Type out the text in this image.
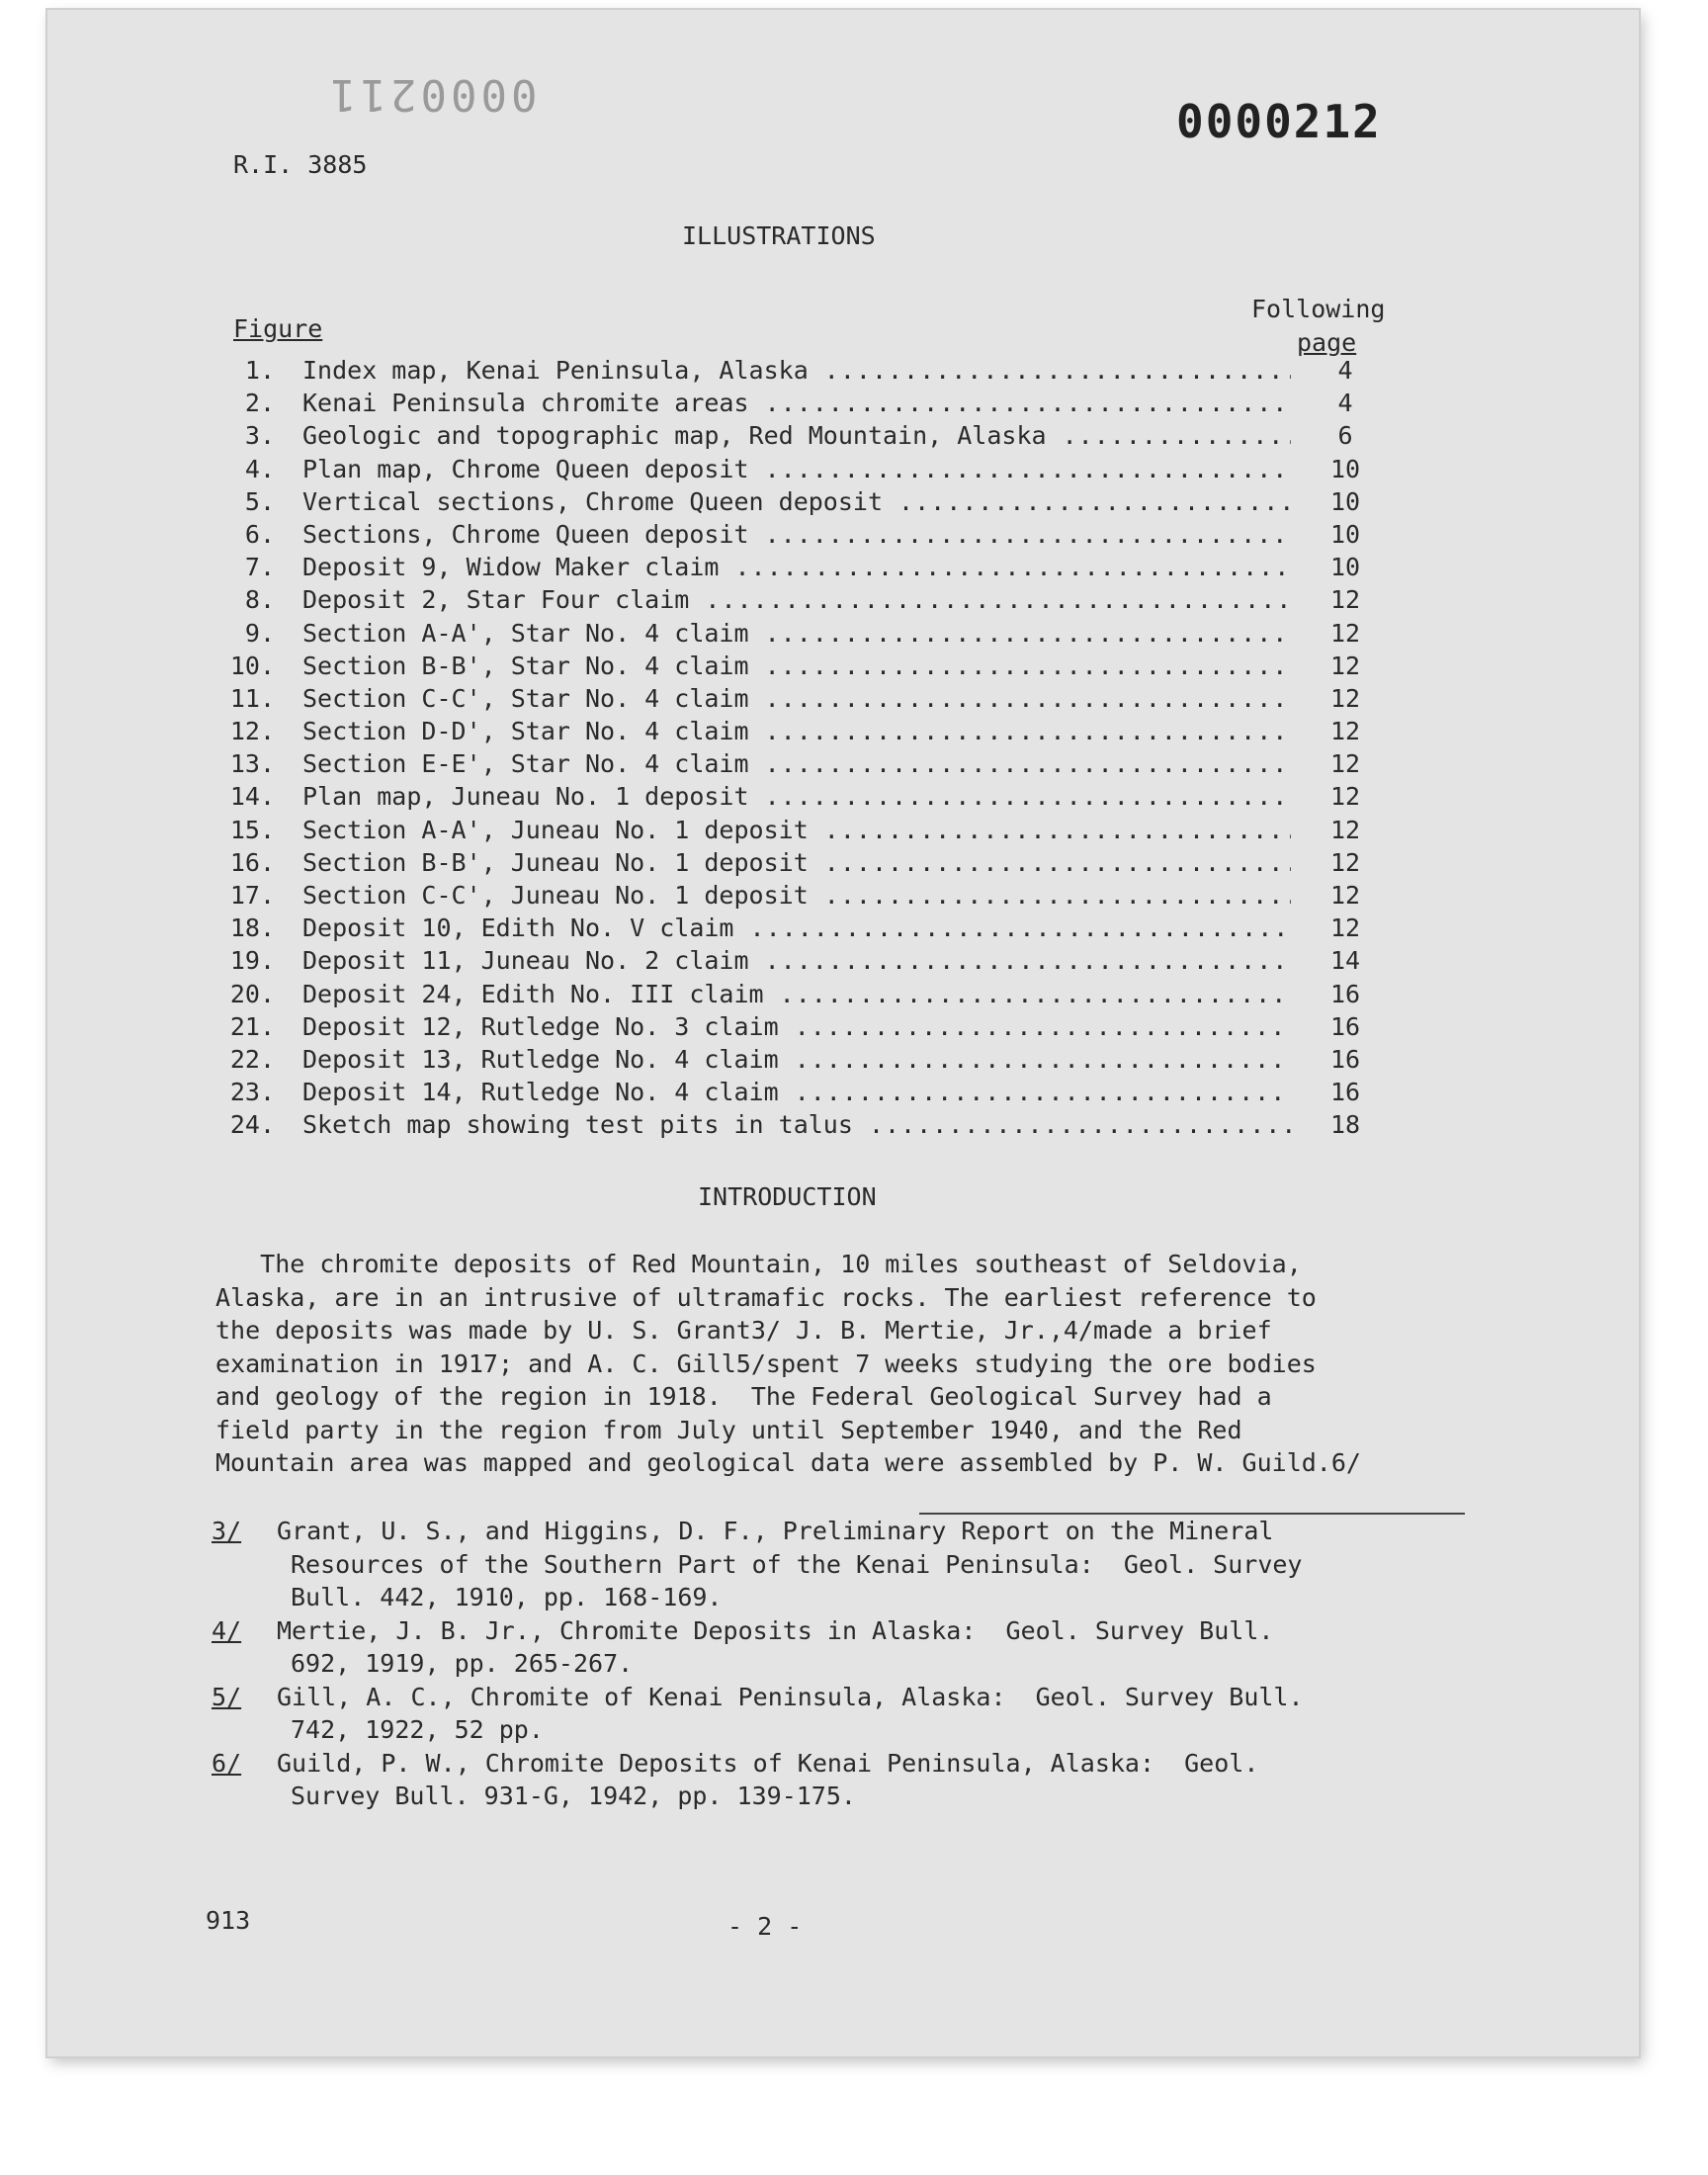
0000211
0000212
R.I. 3885
ILLUSTRATIONS
Figure
Following
page
1. Index map, Kenai Peninsula, Alaska .....	4
2. Kenai Peninsula chromite areas .....	4
3. Geologic and topographic map, Red Mountain, Alaska .....	6
4. Plan map, Chrome Queen deposit .....	10
5. Vertical sections, Chrome Queen deposit .....	10
6. Sections, Chrome Queen deposit .....	10
7. Deposit 9, Widow Maker claim .....	10
8. Deposit 2, Star Four claim .....	12
9. Section A-A', Star No. 4 claim .....	12
10. Section B-B', Star No. 4 claim .....	12
11. Section C-C', Star No. 4 claim .....	12
12. Section D-D', Star No. 4 claim .....	12
13. Section E-E', Star No. 4 claim .....	12
14. Plan map, Juneau No. 1 deposit .....	12
15. Section A-A', Juneau No. 1 deposit .....	12
16. Section B-B', Juneau No. 1 deposit .....	12
17. Section C-C', Juneau No. 1 deposit .....	12
18. Deposit 10, Edith No. V claim .....	12
19. Deposit 11, Juneau No. 2 claim .....	14
20. Deposit 24, Edith No. III claim .....	16
21. Deposit 12, Rutledge No. 3 claim .....	16
22. Deposit 13, Rutledge No. 4 claim .....	16
23. Deposit 14, Rutledge No. 4 claim .....	16
24. Sketch map showing test pits in talus .....	18
INTRODUCTION

The chromite deposits of Red Mountain, 10 miles southeast of Seldovia,

Alaska, are in an intrusive of ultramafic rocks. The earliest reference to

the deposits was made by U. S. Grant3/ J. B. Mertie, Jr.,4/made a brief

examination in 1917; and A. C. Gill5/spent 7 weeks studying the ore bodies

and geology of the region in 1918.  The Federal Geological Survey had a

field party in the region from July until September 1940, and the Red

Mountain area was mapped and geological data were assembled by P. W. Guild.6/

3/ Grant, U. S., and Higgins, D. F., Preliminary Report on the Mineral
Resources of the Southern Part of the Kenai Peninsula:  Geol. Survey
Bull. 442, 1910, pp. 168-169.
4/ Mertie, J. B. Jr., Chromite Deposits in Alaska:  Geol. Survey Bull.
692, 1919, pp. 265-267.
5/ Gill, A. C., Chromite of Kenai Peninsula, Alaska:  Geol. Survey Bull.
742, 1922, 52 pp.
6/ Guild, P. W., Chromite Deposits of Kenai Peninsula, Alaska:  Geol.
Survey Bull. 931-G, 1942, pp. 139-175.
913	- 2 -
